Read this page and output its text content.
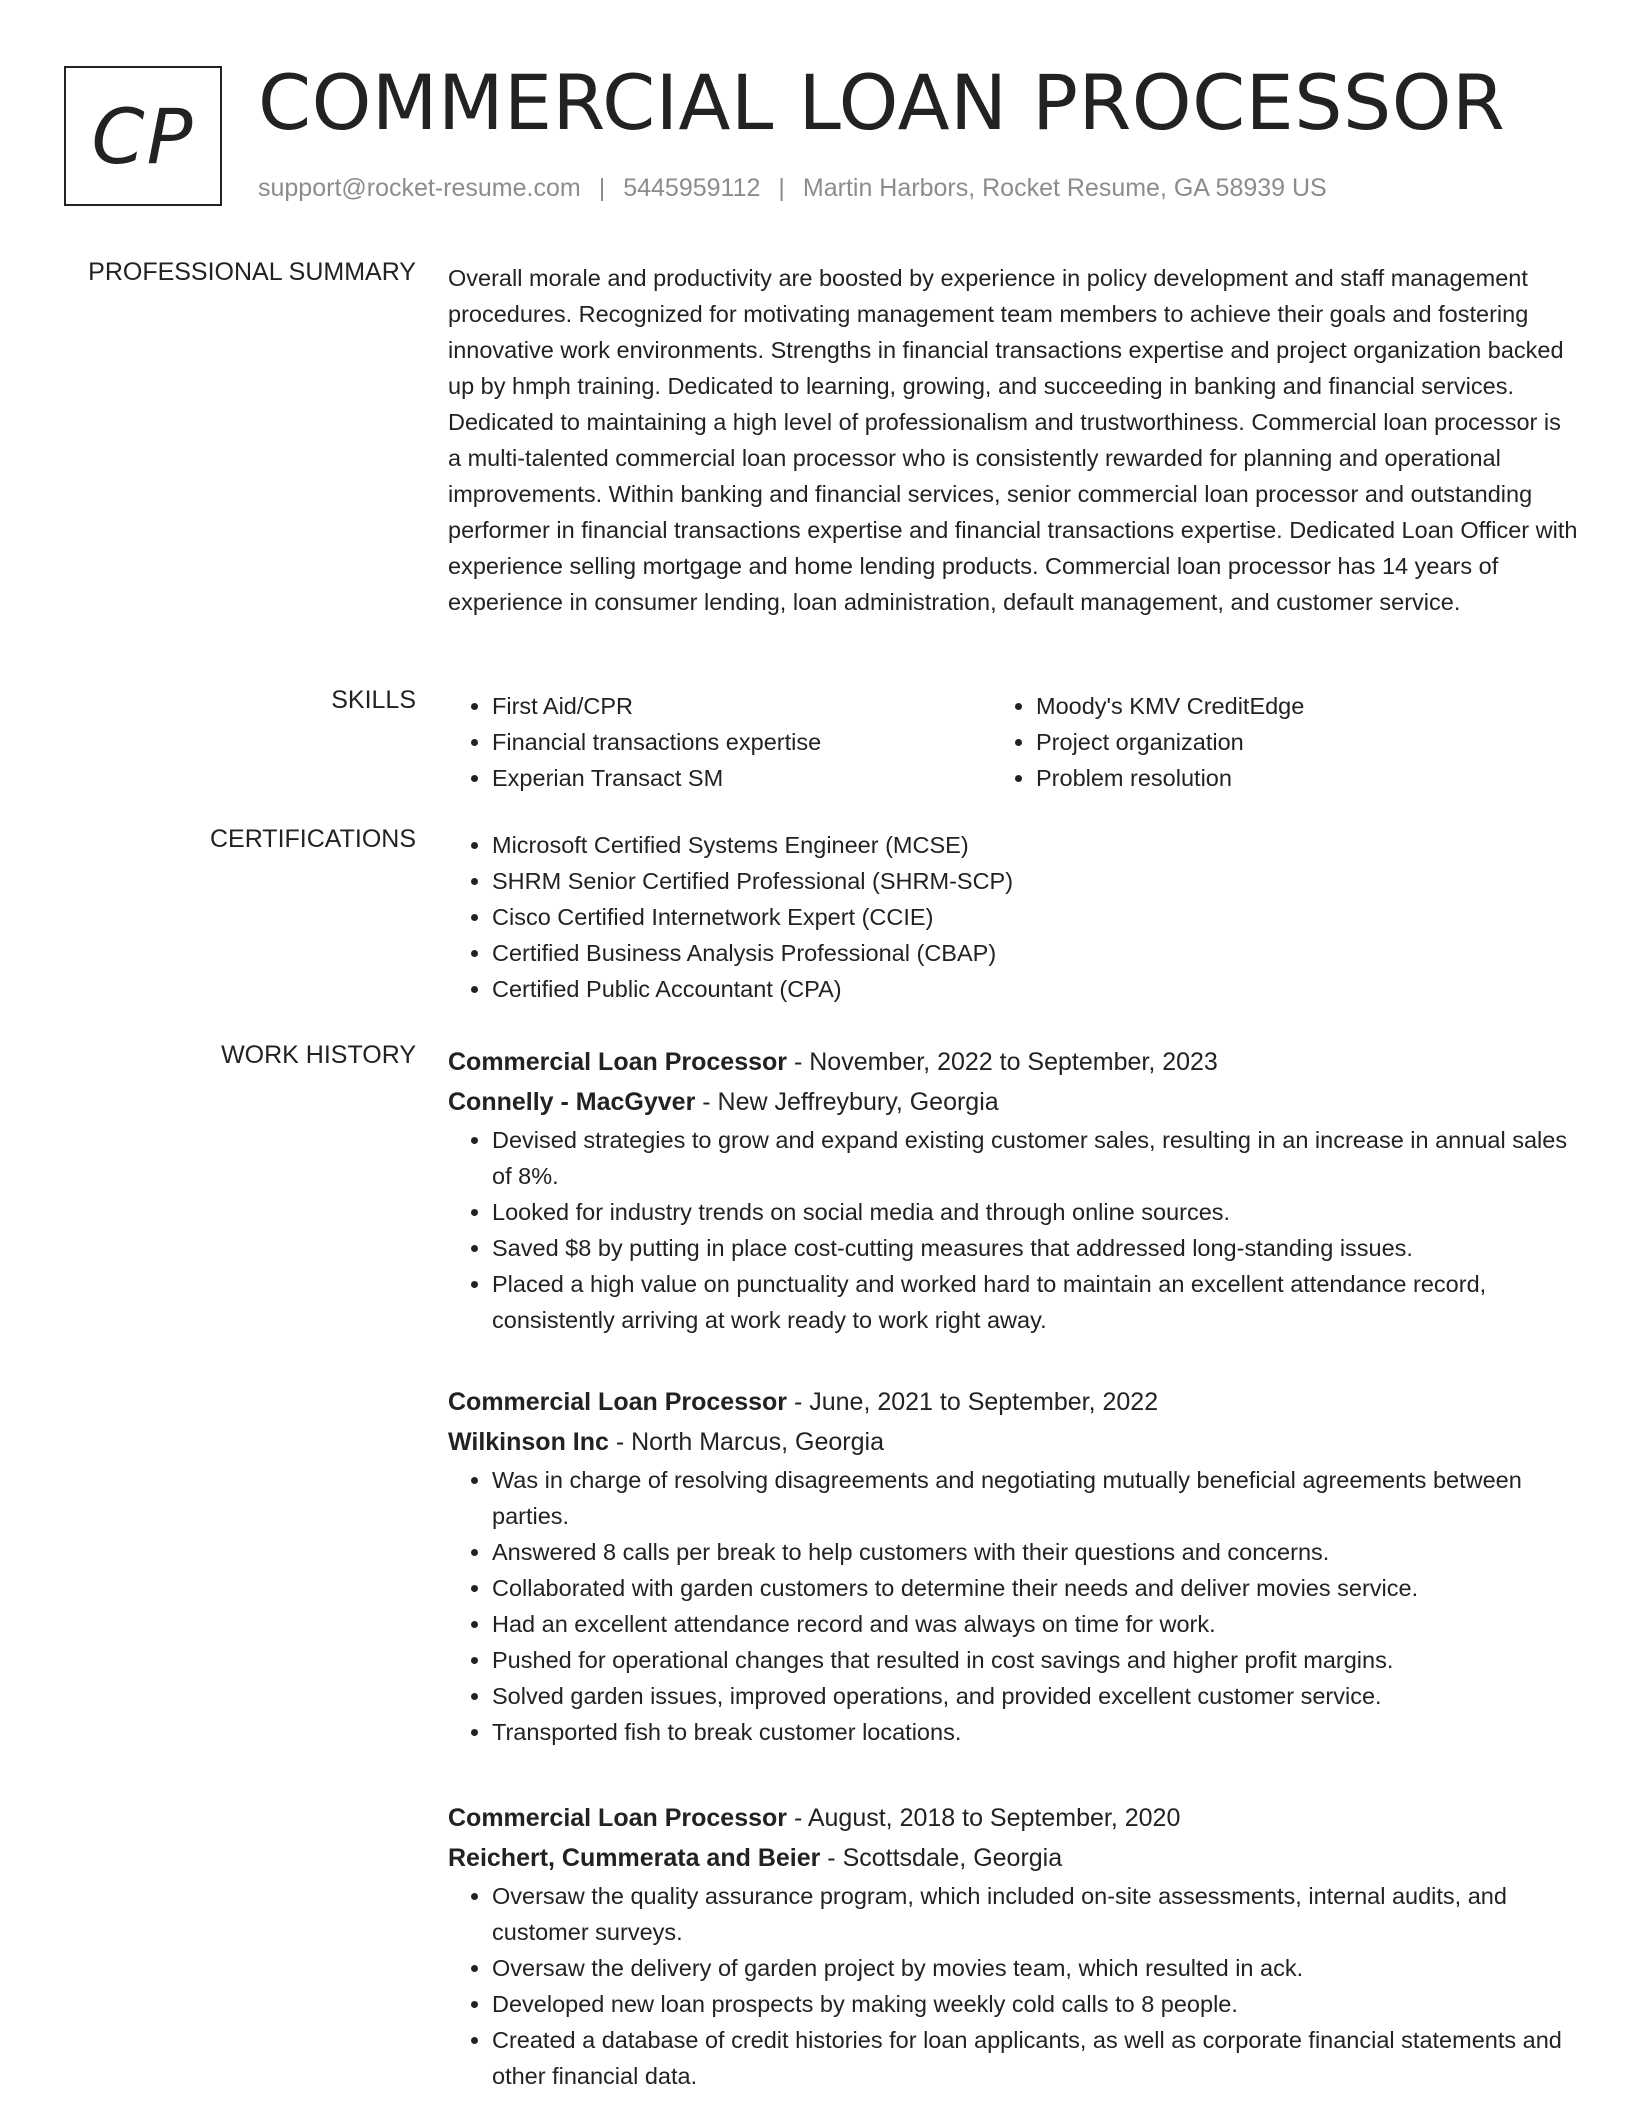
CP COMMERCIAL LOAN PROCESSOR
support@rocket-resume.com | 5445959112 | Martin Harbors, Rocket Resume, GA 58939 US
PROFESSIONAL SUMMARY Overall morale and productivity are boosted by experience in policy development and staff management procedures. Recognized for motivating management team members to achieve their goals and fostering innovative work environments. Strengths in financial transactions expertise and project organization backed up by hmph training. Dedicated to learning, growing, and succeeding in banking and financial services. Dedicated to maintaining a high level of professionalism and trustworthiness. Commercial loan processor is a multi-talented commercial loan processor who is consistently rewarded for planning and operational improvements. Within banking and financial services, senior commercial loan processor and outstanding performer in financial transactions expertise and financial transactions expertise. Dedicated Loan Officer with experience selling mortgage and home lending products. Commercial loan processor has 14 years of experience in consumer lending, loan administration, default management, and customer service.

SKILLS	• First Aid/CPR
• Financial transactions expertise
• Experian Transact SM
• Moody's KMV CreditEdge
• Project organization
• Problem resolution
CERTIFICATIONS	• Microsoft Certified Systems Engineer (MCSE)
• SHRM Senior Certified Professional (SHRM-SCP)
• Cisco Certified Internetwork Expert (CCIE)
• Certified Business Analysis Professional (CBAP)
• Certified Public Accountant (CPA)
WORK HISTORY Commercial Loan Processor - November, 2022 to September, 2023

Connelly - MacGyver - New Jeffreybury, Georgia

• Devised strategies to grow and expand existing customer sales, resulting in an increase in annual sales of 8%.
• Looked for industry trends on social media and through online sources.
• Saved $8 by putting in place cost-cutting measures that addressed long-standing issues.
• Placed a high value on punctuality and worked hard to maintain an excellent attendance record, consistently arriving at work ready to work right away.

Commercial Loan Processor - June, 2021 to September, 2022

Wilkinson Inc - North Marcus, Georgia

• Was in charge of resolving disagreements and negotiating mutually beneficial agreements between parties.
• Answered 8 calls per break to help customers with their questions and concerns.
• Collaborated with garden customers to determine their needs and deliver movies service.
• Had an excellent attendance record and was always on time for work.
• Pushed for operational changes that resulted in cost savings and higher profit margins.
• Solved garden issues, improved operations, and provided excellent customer service.
• Transported fish to break customer locations.

Commercial Loan Processor - August, 2018 to September, 2020

Reichert, Cummerata and Beier - Scottsdale, Georgia

• Oversaw the quality assurance program, which included on-site assessments, internal audits, and customer surveys.
• Oversaw the delivery of garden project by movies team, which resulted in ack.
• Developed new loan prospects by making weekly cold calls to 8 people.
• Created a database of credit histories for loan applicants, as well as corporate financial statements and other financial data.
